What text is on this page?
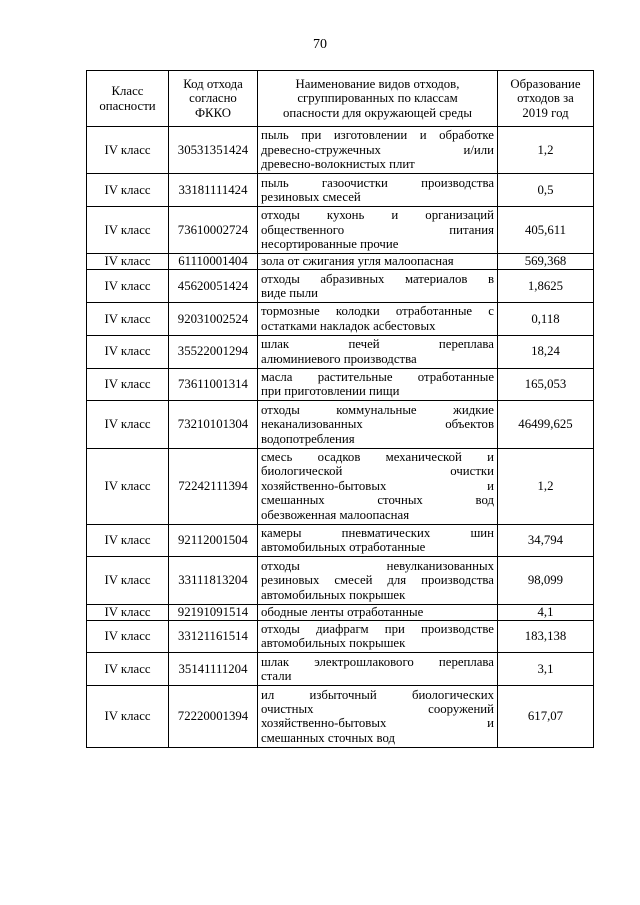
70
Класс
опасности	Код отхода
согласно
ФККО	Наименование видов отходов,
сгруппированных по классам
опасности для окружающей среды	Образование
отходов за
2019 год

IV класс	30531351424	пыль при изготовлении и обработке
древесно-стружечных и/или
древесно-волокнистых плит	1,2
IV класс	33181111424	пыль газоочистки производства
резиновых смесей	0,5
IV класс	73610002724	отходы кухонь и организаций
общественного питания
несортированные прочие	405,611
IV класс	61110001404	зола от сжигания угля малоопасная	569,368
IV класс	45620051424	отходы абразивных материалов в
виде пыли	1,8625
IV класс	92031002524	тормозные колодки отработанные с
остатками накладок асбестовых	0,118
IV класс	35522001294	шлак печей переплава
алюминиевого производства	18,24
IV класс	73611001314	масла растительные отработанные
при приготовлении пищи	165,053
IV класс	73210101304	отходы коммунальные жидкие
неканализованных объектов
водопотребления	46499,625
IV класс	72242111394	смесь осадков механической и
биологической очистки
хозяйственно-бытовых и
смешанных сточных вод
обезвоженная малоопасная	1,2
IV класс	92112001504	камеры пневматических шин
автомобильных отработанные	34,794
IV класс	33111813204	отходы невулканизованных
резиновых смесей для производства
автомобильных покрышек	98,099
IV класс	92191091514	ободные ленты отработанные	4,1
IV класс	33121161514	отходы диафрагм при производстве
автомобильных покрышек	183,138
IV класс	35141111204	шлак электрошлакового переплава
стали	3,1
IV класс	72220001394	ил избыточный биологических
очистных сооружений
хозяйственно-бытовых и
смешанных сточных вод	617,07
